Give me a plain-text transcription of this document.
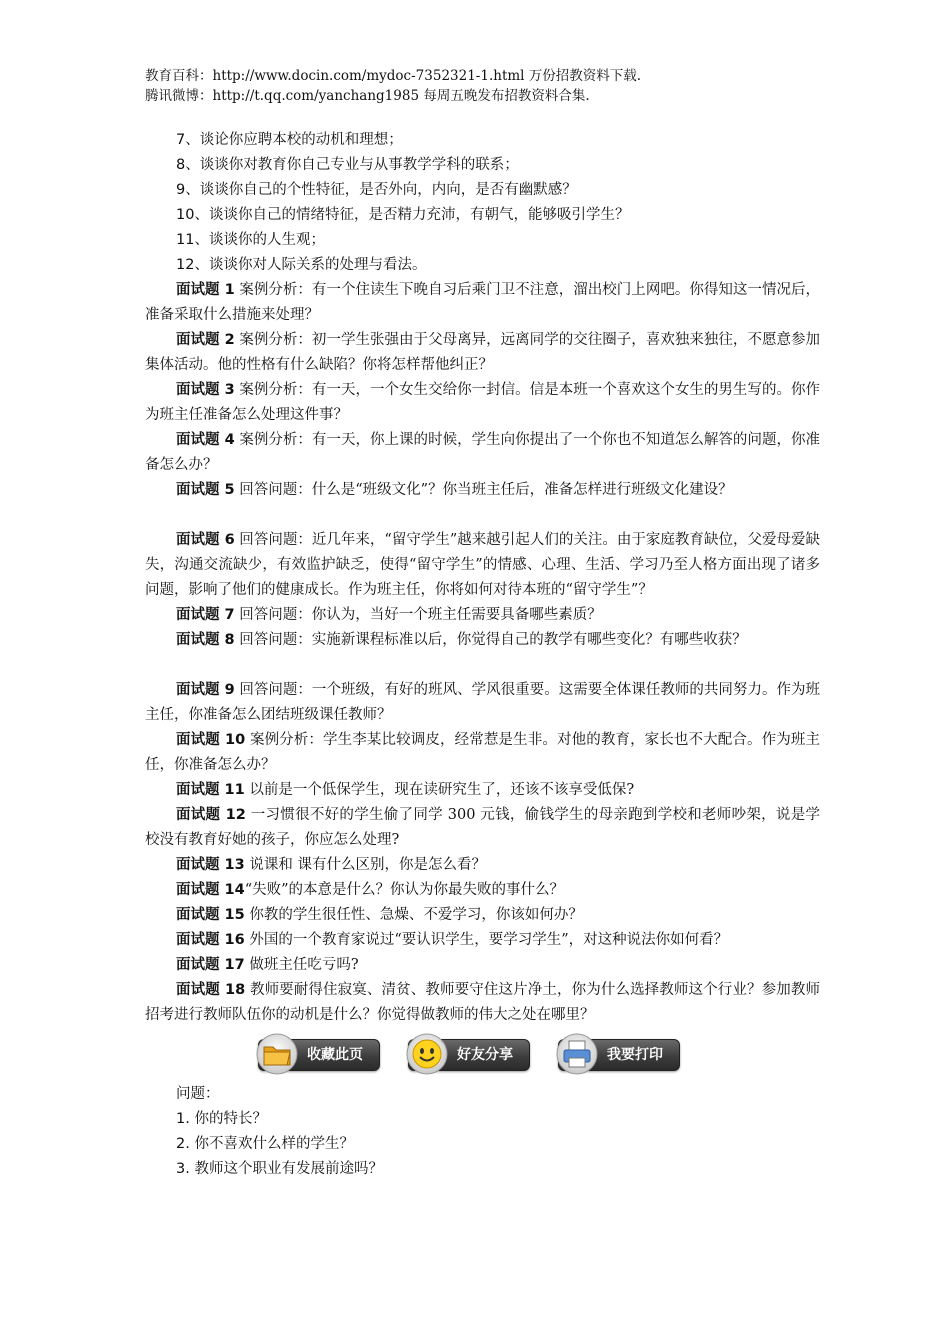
教育百科：http://www.docin.com/mydoc-7352321-1.html 万份招教资料下载.
腾讯微博：http://t.qq.com/yanchang1985 每周五晚发布招教资料合集.

7、谈论你应聘本校的动机和理想；

8、谈谈你对教育你自己专业与从事教学学科的联系；

9、谈谈你自己的个性特征，是否外向，内向，是否有幽默感？

10、谈谈你自己的情绪特征，是否精力充沛，有朝气，能够吸引学生？

11、谈谈你的人生观；

12、谈谈你对人际关系的处理与看法。

面试题 1 案例分析：有一个住读生下晚自习后乘门卫不注意，溜出校门上网吧。你得知这一情况后，准备采取什么措施来处理？

面试题 2 案例分析：初一学生张强由于父母离异，远离同学的交往圈子，喜欢独来独往，不愿意参加集体活动。他的性格有什么缺陷？你将怎样帮他纠正？

面试题 3 案例分析：有一天，一个女生交给你一封信。信是本班一个喜欢这个女生的男生写的。你作为班主任准备怎么处理这件事？

面试题 4 案例分析：有一天，你上课的时候，学生向你提出了一个你也不知道怎么解答的问题，你准备怎么办？

面试题 5 回答问题：什么是“班级文化”？你当班主任后，准备怎样进行班级文化建设？

面试题 6 回答问题：近几年来，“留守学生”越来越引起人们的关注。由于家庭教育缺位，父爱母爱缺失，沟通交流缺少，有效监护缺乏，使得“留守学生”的情感、心理、生活、学习乃至人格方面出现了诸多问题，影响了他们的健康成长。作为班主任，你将如何对待本班的“留守学生”？

面试题 7 回答问题：你认为，当好一个班主任需要具备哪些素质？

面试题 8 回答问题：实施新课程标准以后，你觉得自己的教学有哪些变化？有哪些收获？

面试题 9 回答问题：一个班级，有好的班风、学风很重要。这需要全体课任教师的共同努力。作为班主任，你准备怎么团结班级课任教师？

面试题 10 案例分析：学生李某比较调皮，经常惹是生非。对他的教育，家长也不大配合。作为班主任，你准备怎么办？

面试题 11 以前是一个低保学生，现在读研究生了，还该不该享受低保?

面试题 12 一习惯很不好的学生偷了同学 300 元钱，偷钱学生的母亲跑到学校和老师吵架，说是学校没有教育好她的孩子，你应怎么处理?

面试题 13 说课和 课有什么区别，你是怎么看？

面试题 14“失败”的本意是什么？你认为你最失败的事什么？

面试题 15 你教的学生很任性、急燥、不爱学习，你该如何办？

面试题 16 外国的一个教育家说过“要认识学生，要学习学生”，对这种说法你如何看？

面试题 17 做班主任吃亏吗?

面试题 18 教师要耐得住寂寞、清贫、教师要守住这片净土，你为什么选择教师这个行业？参加教师招考进行教师队伍你的动机是什么？你觉得做教师的伟大之处在哪里？

收藏此页	好友分享	我要打印

问题：

1. 你的特长？

2. 你不喜欢什么样的学生？

3. 教师这个职业有发展前途吗？
